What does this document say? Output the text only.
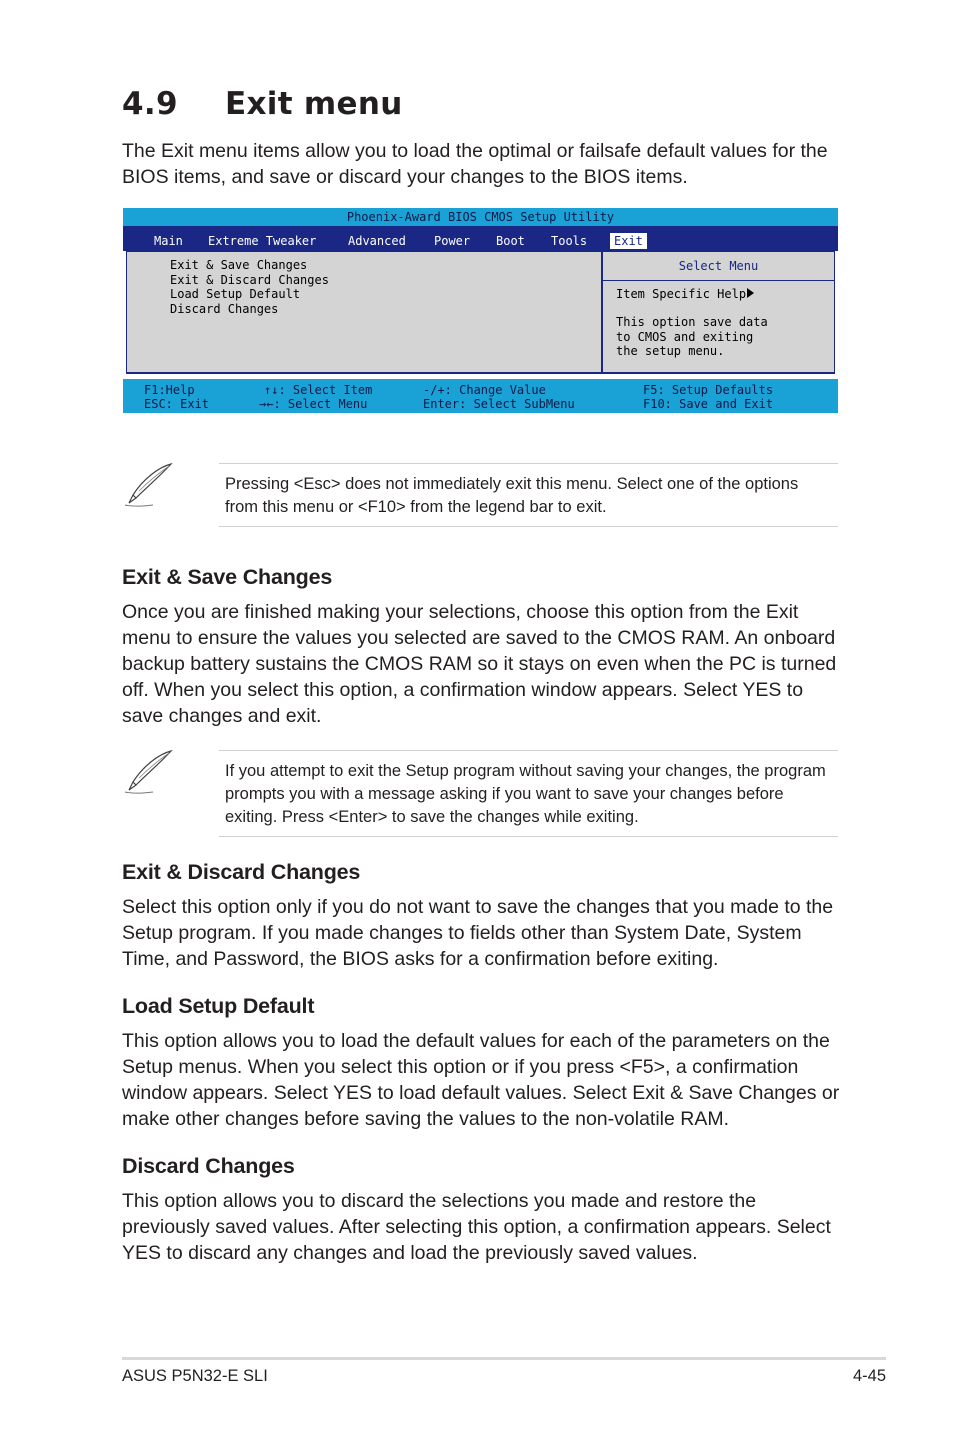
4.9 Exit menu

The Exit menu items allow you to load the optimal or failsafe default values for the BIOS items, and save or discard your changes to the BIOS items.

Phoenix-Award BIOS CMOS Setup Utility
Main Extreme Tweaker	Advanced Power Boot Tools	Exit
Exit & Save Changes
Exit & Discard Changes
Load Setup Default
Discard Changes
Select Menu
Item Specific Help
This option save data
to CMOS and exiting
the setup menu.
F1:Help
ESC: Exit
↑↓: Select Item
→←: Select Menu
-/+: Change Value
Enter: Select SubMenu
F5: Setup Defaults
F10: Save and Exit

Pressing <Esc> does not immediately exit this menu. Select one of the options from this menu or <F10> from the legend bar to exit.

Exit & Save Changes

Once you are finished making your selections, choose this option from the Exit menu to ensure the values you selected are saved to the CMOS RAM. An onboard backup battery sustains the CMOS RAM so it stays on even when the PC is turned off. When you select this option, a confirmation window appears. Select YES to save changes and exit.

If you attempt to exit the Setup program without saving your changes, the program prompts you with a message asking if you want to save your changes before exiting. Press <Enter> to save the changes while exiting.

Exit & Discard Changes

Select this option only if you do not want to save the changes that you made to the Setup program. If you made changes to fields other than System Date, System Time, and Password, the BIOS asks for a confirmation before exiting.

Load Setup Default

This option allows you to load the default values for each of the parameters on the Setup menus. When you select this option or if you press <F5>, a confirmation window appears. Select YES to load default values. Select Exit & Save Changes or make other changes before saving the values to the non-volatile RAM.

Discard Changes

This option allows you to discard the selections you made and restore the previously saved values. After selecting this option, a confirmation appears. Select YES to discard any changes and load the previously saved values.

ASUS P5N32-E SLI	4-45
